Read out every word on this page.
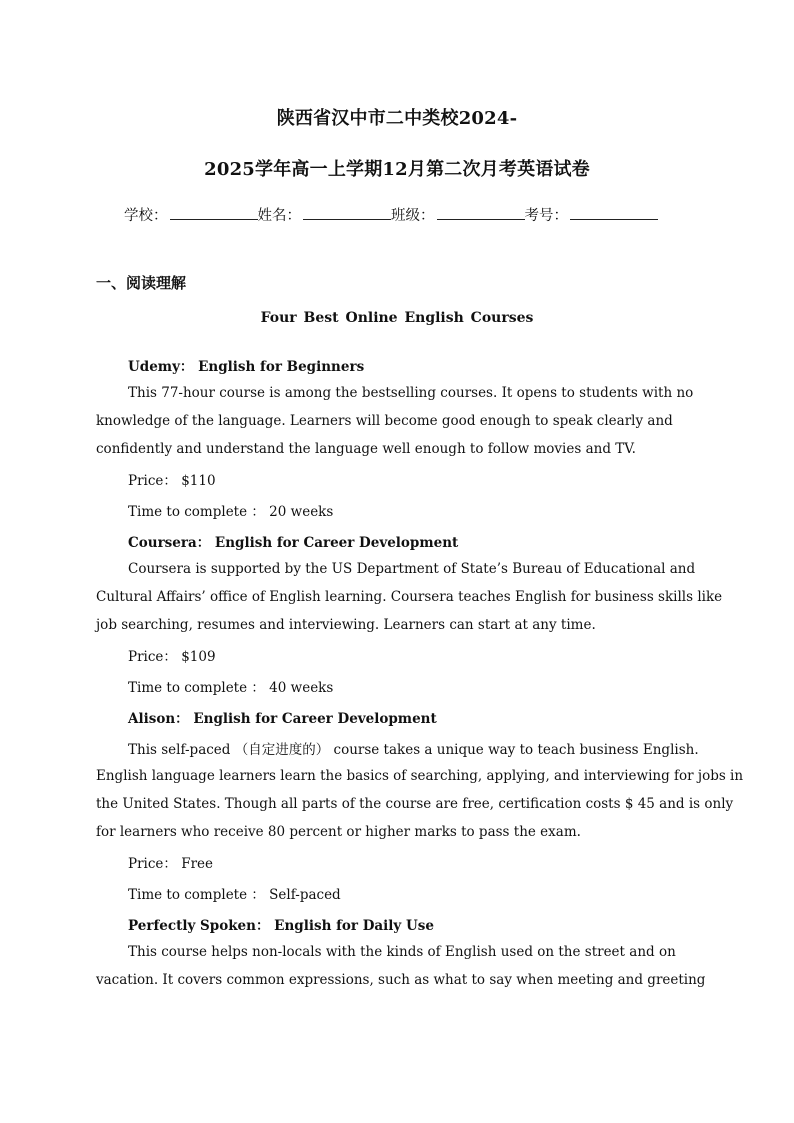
陕西省汉中市二中类校2024-
2025学年高一上学期12月第二次月考英语试卷
学校：	姓名：	班级：	考号：
一、阅读理解
Four Best Online English Courses
Udemy： English for Beginners
This 77-hour course is among the bestselling courses. It opens to students with no
knowledge of the language. Learners will become good enough to speak clearly and
confidently and understand the language well enough to follow movies and TV.
Price： $110
Time to complete ： 20 weeks
Coursera： English for Career Development
Coursera is supported by the US Department of State’s Bureau of Educational and
Cultural Affairs’ office of English learning. Coursera teaches English for business skills like
job searching, resumes and interviewing. Learners can start at any time.
Price： $109
Time to complete ： 40 weeks
Alison： English for Career Development
This self-paced （自定进度的） course takes a unique way to teach business English.
English language learners learn the basics of searching, applying, and interviewing for jobs in
the United States. Though all parts of the course are free, certification costs $ 45 and is only
for learners who receive 80 percent or higher marks to pass the exam.
Price： Free
Time to complete ： Self-paced
Perfectly Spoken： English for Daily Use
This course helps non-locals with the kinds of English used on the street and on
vacation. It covers common expressions, such as what to say when meeting and greeting
